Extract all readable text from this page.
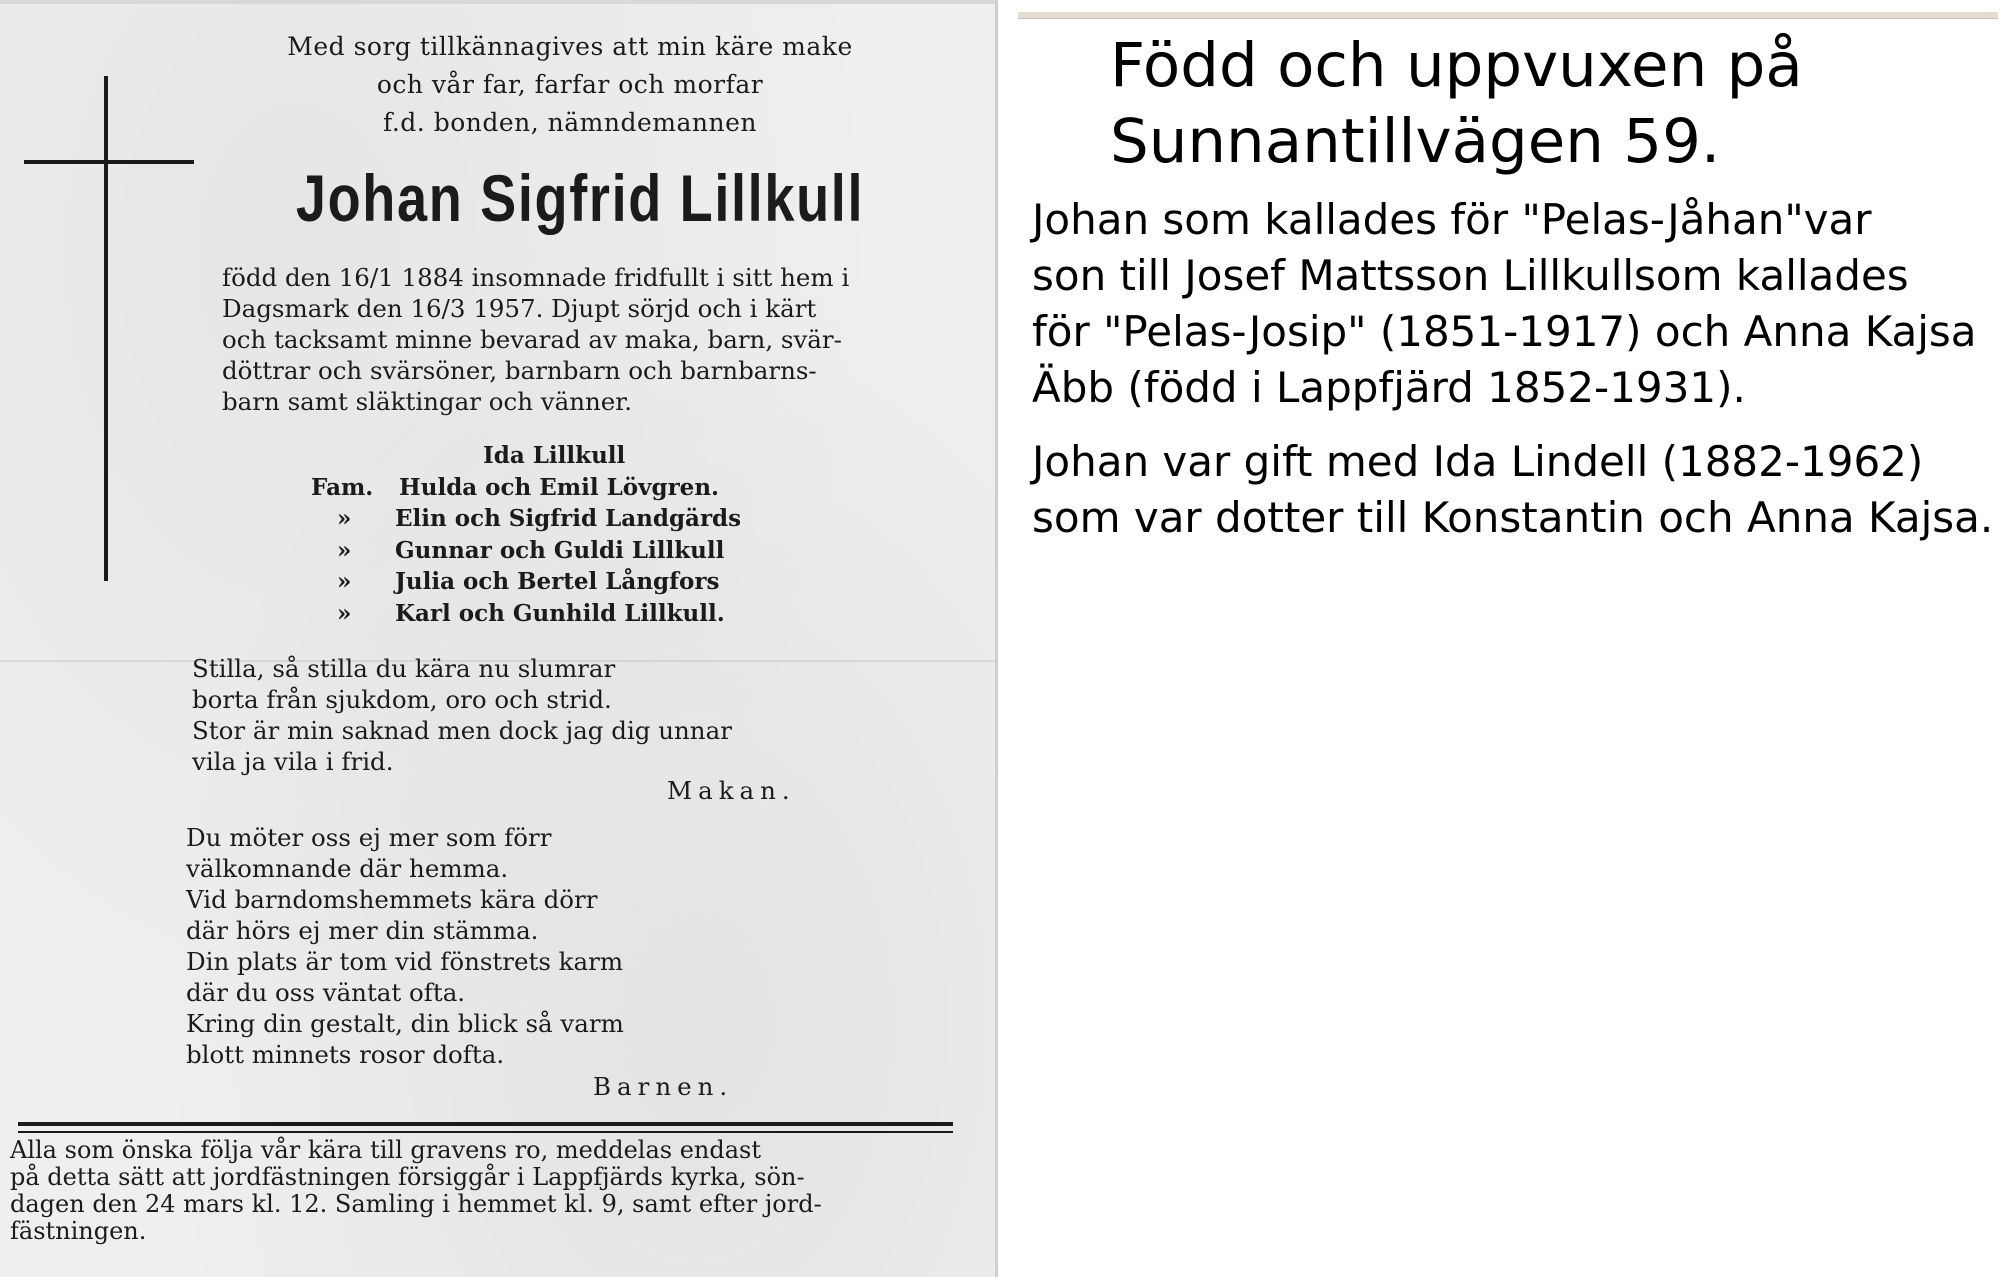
Med sorg tillkännagives att min käre make
och vår far, farfar och morfar
f.d. bonden, nämndemannen
Johan Sigfrid Lillkull
född den 16/1 1884 insomnade fridfullt i sitt hem i
Dagsmark den 16/3 1957. Djupt sörjd och i kärt
och tacksamt minne bevarad av maka, barn, svär-
döttrar och svärsöner, barnbarn och barnbarns-
barn samt släktingar och vänner.
Ida Lillkull
Fam.	Hulda och Emil Lövgren.
»	Elin och Sigfrid Landgärds
»	Gunnar och Guldi Lillkull
»	Julia och Bertel Långfors
»	Karl och Gunhild Lillkull.
Stilla, så stilla du kära nu slumrar
borta från sjukdom, oro och strid.
Stor är min saknad men dock jag dig unnar
vila ja vila i frid.
Makan.
Du möter oss ej mer som förr
välkomnande där hemma.
Vid barndomshemmets kära dörr
där hörs ej mer din stämma.
Din plats är tom vid fönstrets karm
där du oss väntat ofta.
Kring din gestalt, din blick så varm
blott minnets rosor dofta.
Barnen.
Alla som önska följa vår kära till gravens ro, meddelas endast
på detta sätt att jordfästningen försiggår i Lappfjärds kyrka, sön-
dagen den 24 mars kl. 12. Samling i hemmet kl. 9, samt efter jord-
fästningen.
Född och uppvuxen på
Sunnantillvägen 59.
Johan som kallades för "Pelas-Jåhan"var
son till Josef Mattsson Lillkullsom kallades
för "Pelas-Josip" (1851-1917) och Anna Kajsa
Äbb (född i Lappfjärd 1852-1931).
Johan var gift med Ida Lindell (1882-1962)
som var dotter till Konstantin och Anna Kajsa.
